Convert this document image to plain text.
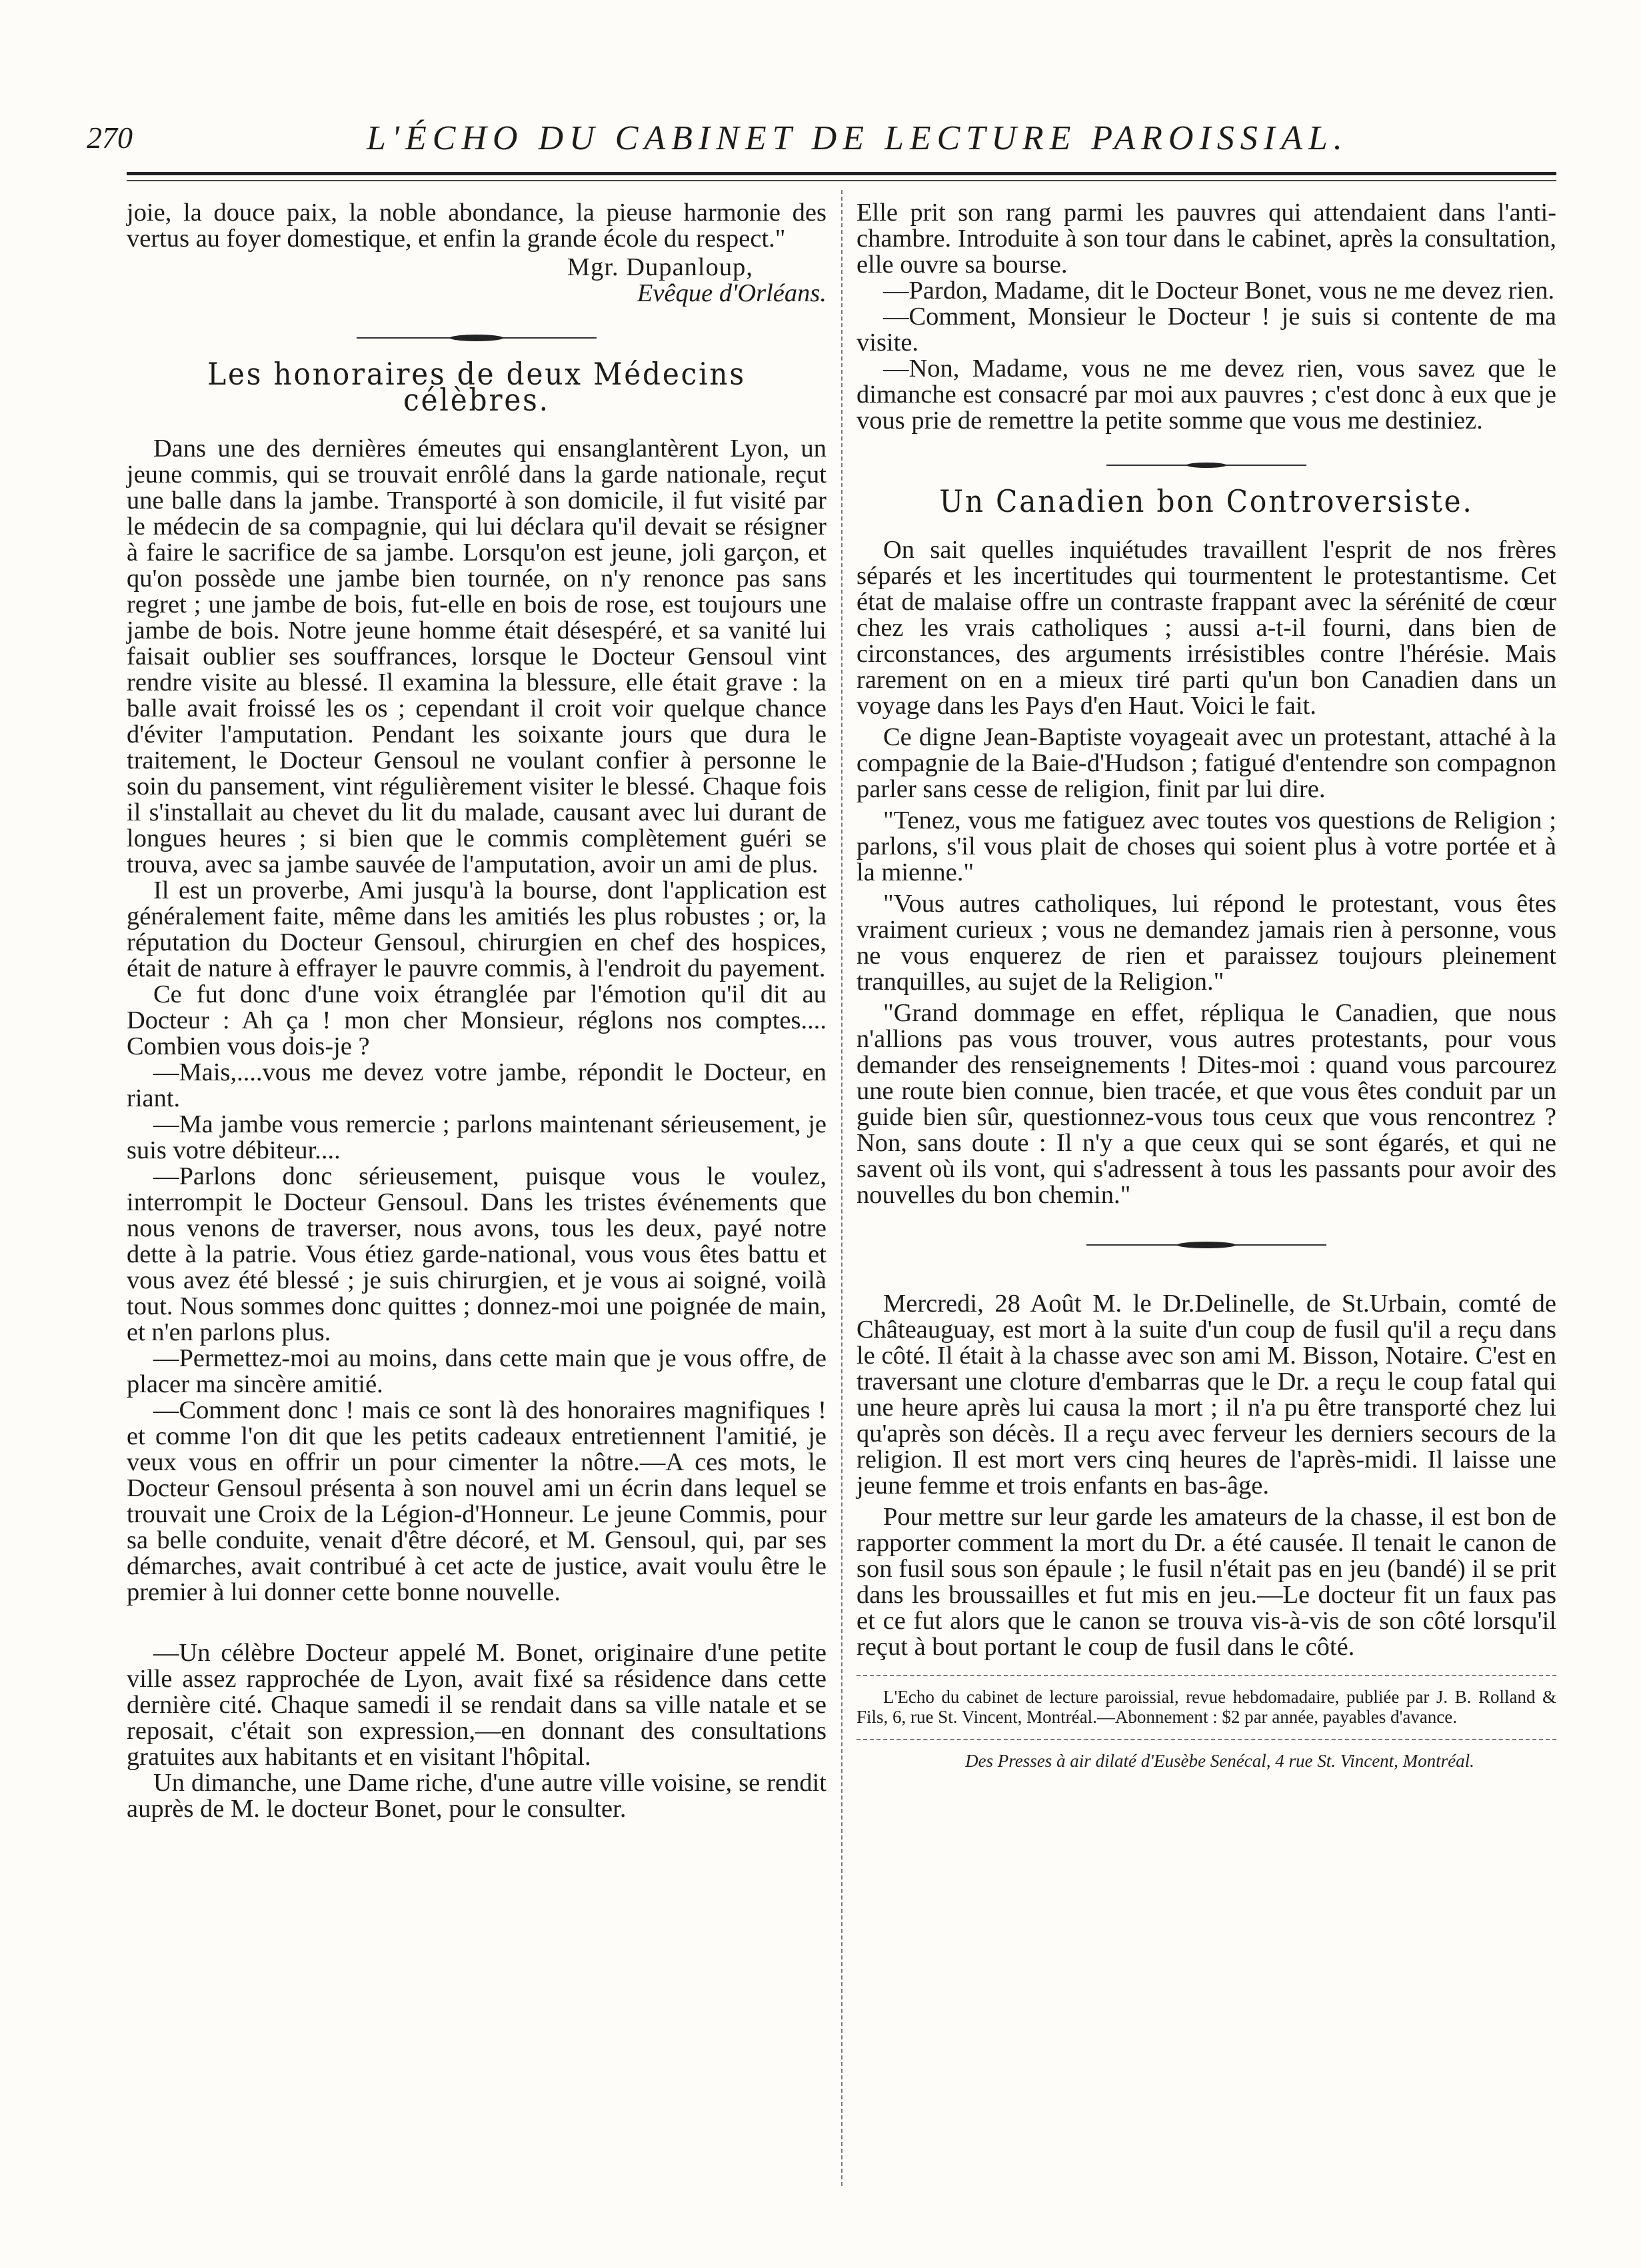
270	L'ÉCHO DU CABINET DE LECTURE PAROISSIAL.

joie, la douce paix, la noble abondance, la pieuse harmonie des vertus au foyer domestique, et enfin la grande école du respect."

Mgr. Dupanloup,
Evêque d'Orléans.
Les honoraires de deux Médecins célèbres.

Dans une des dernières émeutes qui ensanglantèrent Lyon, un jeune commis, qui se trouvait enrôlé dans la garde nationale, reçut une balle dans la jambe. Transporté à son domicile, il fut visité par le médecin de sa compagnie, qui lui déclara qu'il devait se résigner à faire le sacrifice de sa jambe. Lorsqu'on est jeune, joli garçon, et qu'on possède une jambe bien tournée, on n'y renonce pas sans regret ; une jambe de bois, fut-elle en bois de rose, est toujours une jambe de bois. Notre jeune homme était désespéré, et sa vanité lui faisait oublier ses souffrances, lorsque le Docteur Gensoul vint rendre visite au blessé. Il examina la blessure, elle était grave : la balle avait froissé les os ; cependant il croit voir quelque chance d'éviter l'amputation. Pendant les soixante jours que dura le traitement, le Docteur Gensoul ne voulant confier à personne le soin du pansement, vint régulièrement visiter le blessé. Chaque fois il s'installait au chevet du lit du malade, causant avec lui durant de longues heures ; si bien que le commis complètement guéri se trouva, avec sa jambe sauvée de l'amputation, avoir un ami de plus.

Il est un proverbe, Ami jusqu'à la bourse, dont l'application est généralement faite, même dans les amitiés les plus robustes ; or, la réputation du Docteur Gensoul, chirurgien en chef des hospices, était de nature à effrayer le pauvre commis, à l'endroit du payement.

Ce fut donc d'une voix étranglée par l'émotion qu'il dit au Docteur : Ah ça ! mon cher Monsieur, réglons nos comptes.... Combien vous dois-je ?

—Mais,....vous me devez votre jambe, répondit le Docteur, en riant.

—Ma jambe vous remercie ; parlons maintenant sérieusement, je suis votre débiteur....

—Parlons donc sérieusement, puisque vous le voulez, interrompit le Docteur Gensoul. Dans les tristes événements que nous venons de traverser, nous avons, tous les deux, payé notre dette à la patrie. Vous étiez garde-national, vous vous êtes battu et vous avez été blessé ; je suis chirurgien, et je vous ai soigné, voilà tout. Nous sommes donc quittes ; donnez-moi une poignée de main, et n'en parlons plus.

—Permettez-moi au moins, dans cette main que je vous offre, de placer ma sincère amitié.

—Comment donc ! mais ce sont là des honoraires magnifiques ! et comme l'on dit que les petits cadeaux entretiennent l'amitié, je veux vous en offrir un pour cimenter la nôtre.—A ces mots, le Docteur Gensoul présenta à son nouvel ami un écrin dans lequel se trouvait une Croix de la Légion-d'Honneur. Le jeune Commis, pour sa belle conduite, venait d'être décoré, et M. Gensoul, qui, par ses démarches, avait contribué à cet acte de justice, avait voulu être le premier à lui donner cette bonne nouvelle.

—Un célèbre Docteur appelé M. Bonet, originaire d'une petite ville assez rapprochée de Lyon, avait fixé sa résidence dans cette dernière cité. Chaque samedi il se rendait dans sa ville natale et se reposait, c'était son expression,—en donnant des consultations gratuites aux habitants et en visitant l'hôpital.

Un dimanche, une Dame riche, d'une autre ville voisine, se rendit auprès de M. le docteur Bonet, pour le consulter.

Elle prit son rang parmi les pauvres qui attendaient dans l'anti-chambre. Introduite à son tour dans le cabinet, après la consultation, elle ouvre sa bourse.

—Pardon, Madame, dit le Docteur Bonet, vous ne me devez rien.

—Comment, Monsieur le Docteur ! je suis si contente de ma visite.

—Non, Madame, vous ne me devez rien, vous savez que le dimanche est consacré par moi aux pauvres ; c'est donc à eux que je vous prie de remettre la petite somme que vous me destiniez.

Un Canadien bon Controversiste.

On sait quelles inquiétudes travaillent l'esprit de nos frères séparés et les incertitudes qui tourmentent le protestantisme. Cet état de malaise offre un contraste frappant avec la sérénité de cœur chez les vrais catholiques ; aussi a-t-il fourni, dans bien de circonstances, des arguments irrésistibles contre l'hérésie. Mais rarement on en a mieux tiré parti qu'un bon Canadien dans un voyage dans les Pays d'en Haut. Voici le fait.

Ce digne Jean-Baptiste voyageait avec un protestant, attaché à la compagnie de la Baie-d'Hudson ; fatigué d'entendre son compagnon parler sans cesse de religion, finit par lui dire.

"Tenez, vous me fatiguez avec toutes vos questions de Religion ; parlons, s'il vous plait de choses qui soient plus à votre portée et à la mienne."

"Vous autres catholiques, lui répond le protestant, vous êtes vraiment curieux ; vous ne demandez jamais rien à personne, vous ne vous enquerez de rien et paraissez toujours pleinement tranquilles, au sujet de la Religion."

"Grand dommage en effet, répliqua le Canadien, que nous n'allions pas vous trouver, vous autres protestants, pour vous demander des renseignements ! Dites-moi : quand vous parcourez une route bien connue, bien tracée, et que vous êtes conduit par un guide bien sûr, questionnez-vous tous ceux que vous rencontrez ? Non, sans doute : Il n'y a que ceux qui se sont égarés, et qui ne savent où ils vont, qui s'adressent à tous les passants pour avoir des nouvelles du bon chemin."

Mercredi, 28 Août M. le Dr.Delinelle, de St.Urbain, comté de Châteauguay, est mort à la suite d'un coup de fusil qu'il a reçu dans le côté. Il était à la chasse avec son ami M. Bisson, Notaire. C'est en traversant une cloture d'embarras que le Dr. a reçu le coup fatal qui une heure après lui causa la mort ; il n'a pu être transporté chez lui qu'après son décès. Il a reçu avec ferveur les derniers secours de la religion. Il est mort vers cinq heures de l'après-midi. Il laisse une jeune femme et trois enfants en bas-âge.

Pour mettre sur leur garde les amateurs de la chasse, il est bon de rapporter comment la mort du Dr. a été causée. Il tenait le canon de son fusil sous son épaule ; le fusil n'était pas en jeu (bandé) il se prit dans les broussailles et fut mis en jeu.—Le docteur fit un faux pas et ce fut alors que le canon se trouva vis-à-vis de son côté lorsqu'il reçut à bout portant le coup de fusil dans le côté.

L'Echo du cabinet de lecture paroissial, revue hebdomadaire, publiée par J. B. Rolland & Fils, 6, rue St. Vincent, Montréal.—Abonnement : $2 par année, payables d'avance.

Des Presses à air dilaté d'Eusèbe Senécal, 4 rue St. Vincent, Montréal.
